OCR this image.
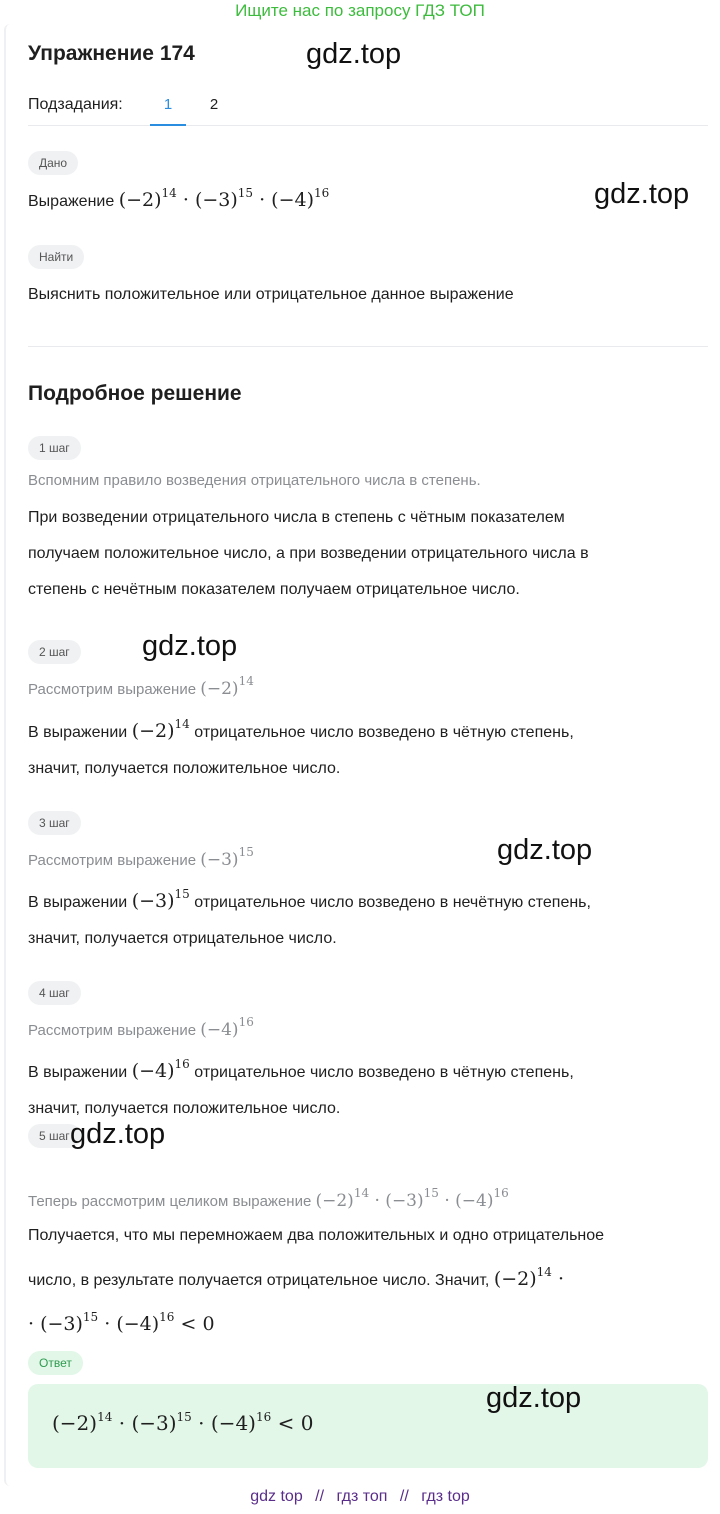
Ищите нас по запросу ГДЗ ТОП
Упражнение 174
Подзадания:	1	2
Дано
Выражение $(-2)^{14} \cdot (-3)^{15} \cdot (-4)^{16}$
Найти
Выяснить положительное или отрицательное данное выражение
Подробное решение
1 шаг
Вспомним правило возведения отрицательного числа в степень.
При возведении отрицательного числа в степень с чётным показателем
получаем положительное число, а при возведении отрицательного числа в
степень с нечётным показателем получаем отрицательное число.
2 шаг
Рассмотрим выражение $(-2)^{14}$
В выражении $(-2)^{14}$ отрицательное число возведено в чётную степень,
значит, получается положительное число.
3 шаг
Рассмотрим выражение $(-3)^{15}$
В выражении $(-3)^{15}$ отрицательное число возведено в нечётную степень,
значит, получается отрицательное число.
4 шаг
Рассмотрим выражение $(-4)^{16}$
В выражении $(-4)^{16}$ отрицательное число возведено в чётную степень,
значит, получается положительное число.
5 шаг
Теперь рассмотрим целиком выражение $(-2)^{14} \cdot (-3)^{15} \cdot (-4)^{16}$
Получается, что мы перемножаем два положительных и одно отрицательное
число, в результате получается отрицательное число. Значит, $(-2)^{14}$ ·
· $(-3)^{15} \cdot (-4)^{16} < 0$
Ответ
$(-2)^{14} \cdot (-3)^{15} \cdot (-4)^{16} < 0$
gdz.top
gdz.top
gdz.top
gdz.top
gdz.top
gdz.top
gdz top // гдз топ // гдз top
